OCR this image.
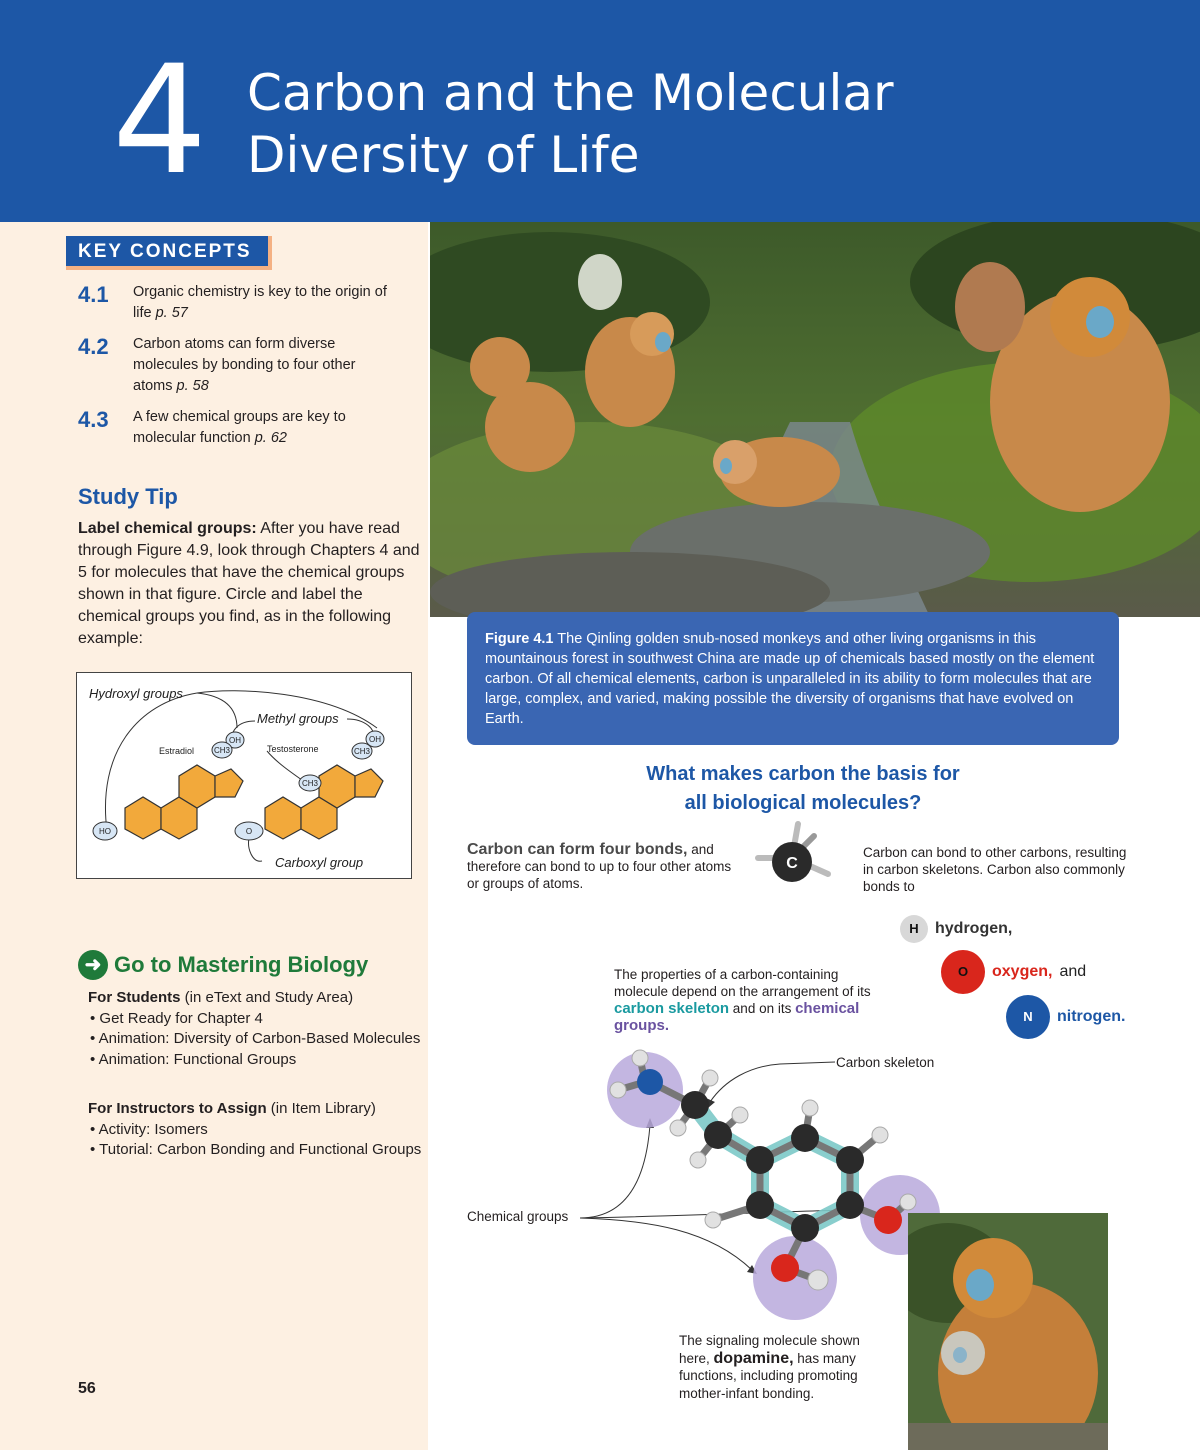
4 Carbon and the Molecular
Diversity of Life
KEY CONCEPTS
4.1 Organic chemistry is key to the origin of life p. 57
4.2 Carbon atoms can form diverse molecules by bonding to four other atoms p. 58
4.3 A few chemical groups are key to molecular function p. 62
Study Tip
Label chemical groups: After you have read through Figure 4.9, look through Chapters 4 and 5 for molecules that have the chemical groups shown in that figure. Circle and label the chemical groups you find, as in the following example:
Hydroxyl groups
Methyl groups
Estradiol	Testosterone
Carboxyl group
HO
OH
CH3
OH
CH3
CH3
O
➜ Go to Mastering Biology
For Students (in eText and Study Area)
• Get Ready for Chapter 4
• Animation: Diversity of Carbon-Based Molecules
• Animation: Functional Groups
For Instructors to Assign (in Item Library)
• Activity: Isomers
• Tutorial: Carbon Bonding and Functional Groups
56
Figure 4.1 The Qinling golden snub-nosed monkeys and other living organisms in this mountainous forest in southwest China are made up of chemicals based mostly on the element carbon. Of all chemical elements, carbon is unparalleled in its ability to form molecules that are large, complex, and varied, making possible the diversity of organisms that have evolved on Earth.
What makes carbon the basis for
all biological molecules?
Carbon can form four bonds, and therefore can bond to up to four other atoms or groups of atoms.
C
Carbon can bond to other carbons, resulting in carbon skeletons. Carbon also commonly bonds to
H	hydrogen,
O	oxygen, and
N	nitrogen.
The properties of a carbon-containing molecule depend on the arrangement of its carbon skeleton and on its chemical groups.
Carbon skeleton
Chemical groups
The signaling molecule shown here, dopamine, has many functions, including promoting mother-infant bonding.
